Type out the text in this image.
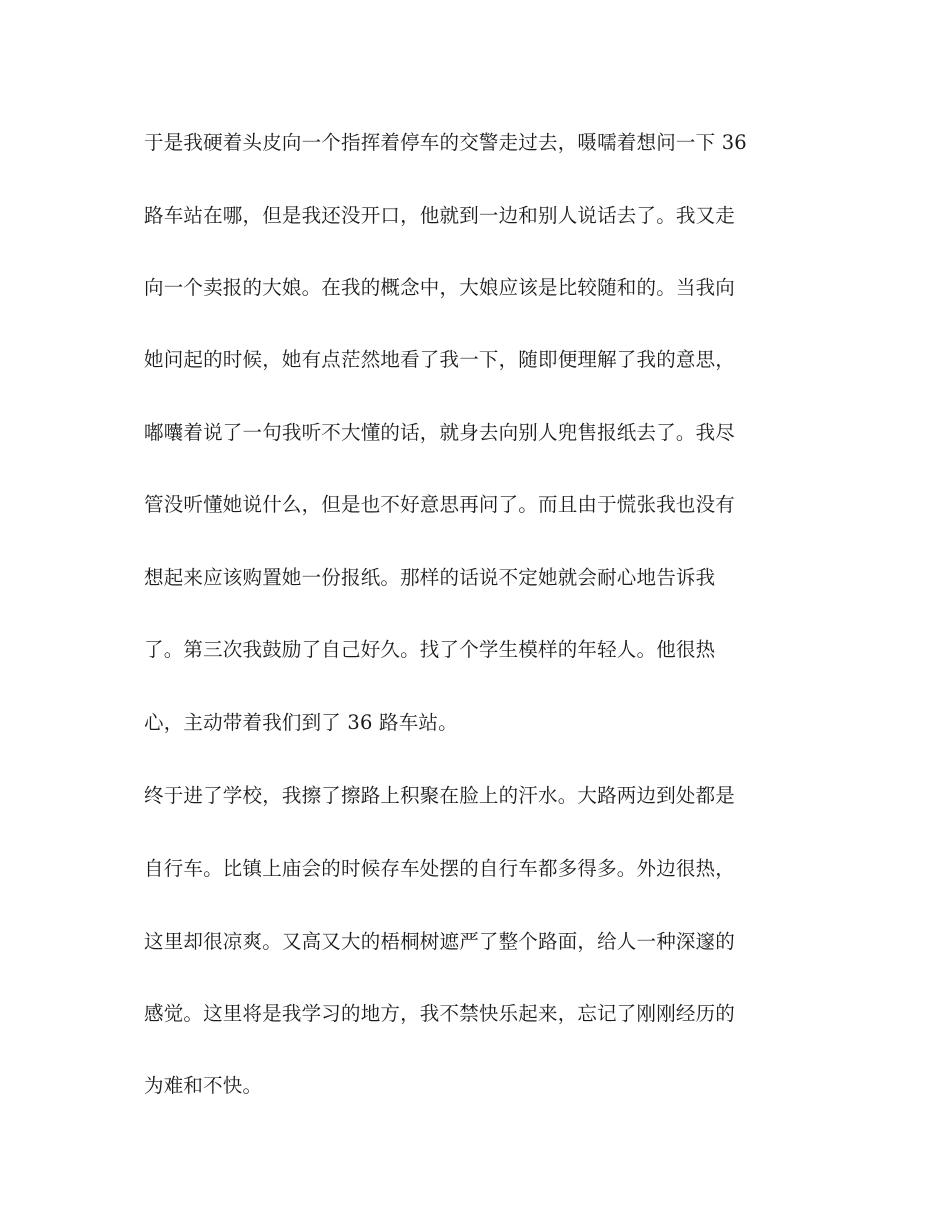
于是我硬着头皮向一个指挥着停车的交警走过去，嗫嚅着想问一下 36
路车站在哪，但是我还没开口，他就到一边和别人说话去了。我又走
向一个卖报的大娘。在我的概念中，大娘应该是比较随和的。当我向
她问起的时候，她有点茫然地看了我一下，随即便理解了我的意思，
嘟囔着说了一句我听不大懂的话，就身去向别人兜售报纸去了。我尽
管没听懂她说什么，但是也不好意思再问了。而且由于慌张我也没有
想起来应该购置她一份报纸。那样的话说不定她就会耐心地告诉我
了。第三次我鼓励了自己好久。找了个学生模样的年轻人。他很热
心，主动带着我们到了 36 路车站。
终于进了学校，我擦了擦路上积聚在脸上的汗水。大路两边到处都是
自行车。比镇上庙会的时候存车处摆的自行车都多得多。外边很热，
这里却很凉爽。又高又大的梧桐树遮严了整个路面，给人一种深邃的
感觉。这里将是我学习的地方，我不禁快乐起来，忘记了刚刚经历的
为难和不快。
